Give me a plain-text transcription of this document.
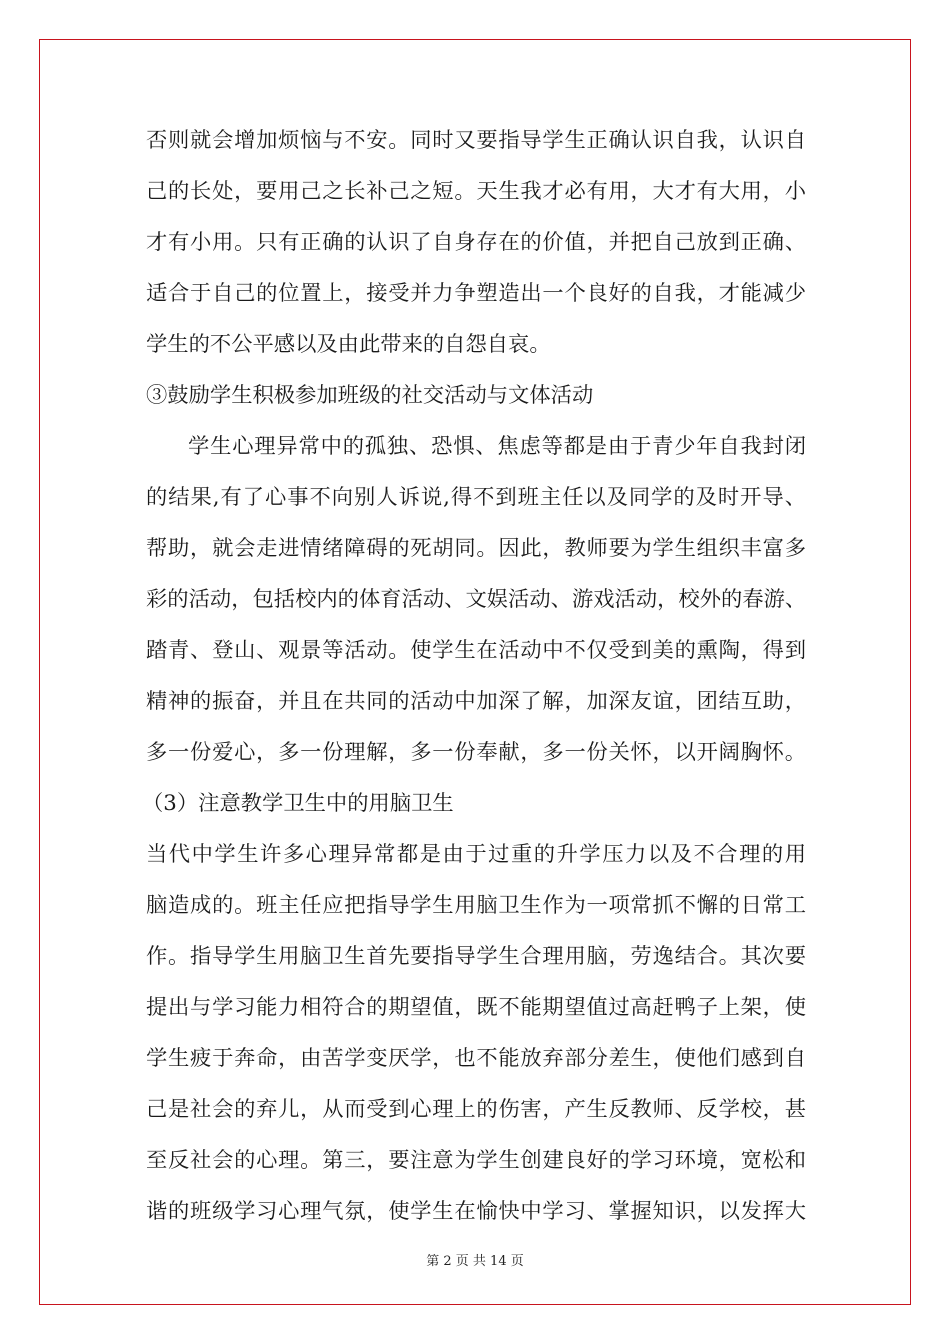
否则就会增加烦恼与不安。同时又要指导学生正确认识自我，认识自
己的长处，要用己之长补己之短。天生我才必有用，大才有大用，小
才有小用。只有正确的认识了自身存在的价值，并把自己放到正确、
适合于自己的位置上，接受并力争塑造出一个良好的自我，才能减少
学生的不公平感以及由此带来的自怨自哀。
③鼓励学生积极参加班级的社交活动与文体活动
学生心理异常中的孤独、恐惧、焦虑等都是由于青少年自我封闭
的结果,有了心事不向别人诉说,得不到班主任以及同学的及时开导、
帮助，就会走进情绪障碍的死胡同。因此，教师要为学生组织丰富多
彩的活动，包括校内的体育活动、文娱活动、游戏活动，校外的春游、
踏青、登山、观景等活动。使学生在活动中不仅受到美的熏陶，得到
精神的振奋，并且在共同的活动中加深了解，加深友谊，团结互助，
多一份爱心，多一份理解，多一份奉献，多一份关怀，以开阔胸怀。
（3）注意教学卫生中的用脑卫生
当代中学生许多心理异常都是由于过重的升学压力以及不合理的用
脑造成的。班主任应把指导学生用脑卫生作为一项常抓不懈的日常工
作。指导学生用脑卫生首先要指导学生合理用脑，劳逸结合。其次要
提出与学习能力相符合的期望值，既不能期望值过高赶鸭子上架，使
学生疲于奔命，由苦学变厌学，也不能放弃部分差生，使他们感到自
己是社会的弃儿，从而受到心理上的伤害，产生反教师、反学校，甚
至反社会的心理。第三，要注意为学生创建良好的学习环境，宽松和
谐的班级学习心理气氛，使学生在愉快中学习、掌握知识，以发挥大
第 2 页 共 14 页
